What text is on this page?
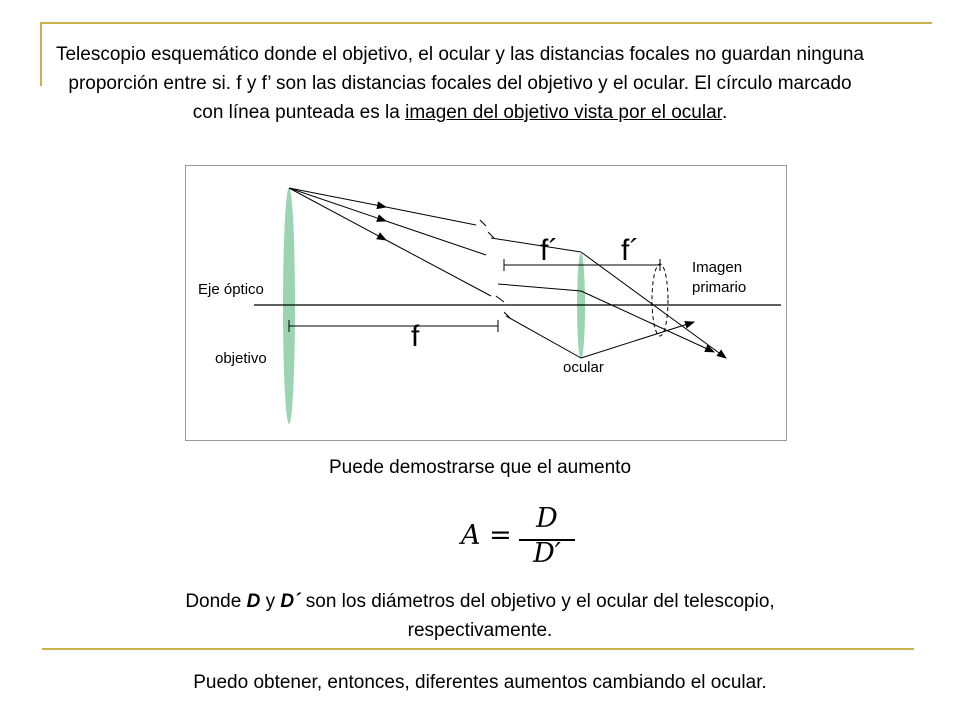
Telescopio esquemático donde el objetivo, el ocular y las distancias focales no guardan ninguna proporción entre si. f y f’ son las distancias focales del objetivo y el ocular. El círculo marcado con línea punteada es la imagen del objetivo vista por el ocular.
Eje óptico
objetivo
ocular
Imagen
primario
f
f´ f´
Puede demostrarse que el aumento
A =
D
D′
Donde D y D´ son los diámetros del objetivo y el ocular del telescopio, respectivamente.
Puedo obtener, entonces, diferentes aumentos cambiando el ocular.
